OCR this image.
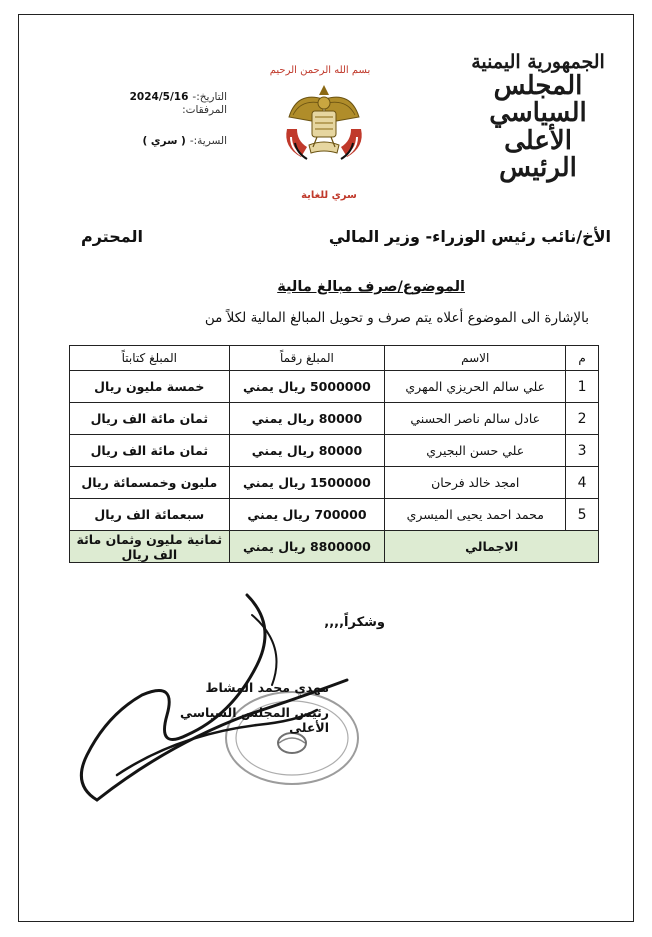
الجمهورية اليمنية
المجلس السياسي الأعلى
الرئيس
بسم الله الرحمن الرحيم
سري للغاية
التاريخ:-
2024/5/16
المرفقات:
السرية:-
( سري )
الأخ/نائب رئيس الوزراء- وزير المالي
المحترم
الموضوع/صرف مبالغ مالية
بالإشارة الى الموضوع أعلاه يتم صرف و تحويل المبالغ المالية لكلاً من
م	الاسم	المبلغ رقماً	المبلغ كتابتاً
1	علي سالم الحريزي المهري	5000000 ريال يمني	خمسة مليون ريال
2	عادل سالم ناصر الحسني	80000 ريال يمني	ثمان مائة الف ريال
3	علي حسن البجيري	80000 ريال يمني	ثمان مائة الف ريال
4	امجد خالد فرحان	1500000 ريال يمني	مليون وخمسمائة ريال
5	محمد احمد يحيى الميسري	700000 ريال يمني	سبعمائة الف ريال
الاجمالي		8800000 ريال يمني	ثمانية مليون وثمان مائة الف ريال
وشكراً,,,,
مهدي محمد المشاط
رئيس المجلس السياسي الأعلى
